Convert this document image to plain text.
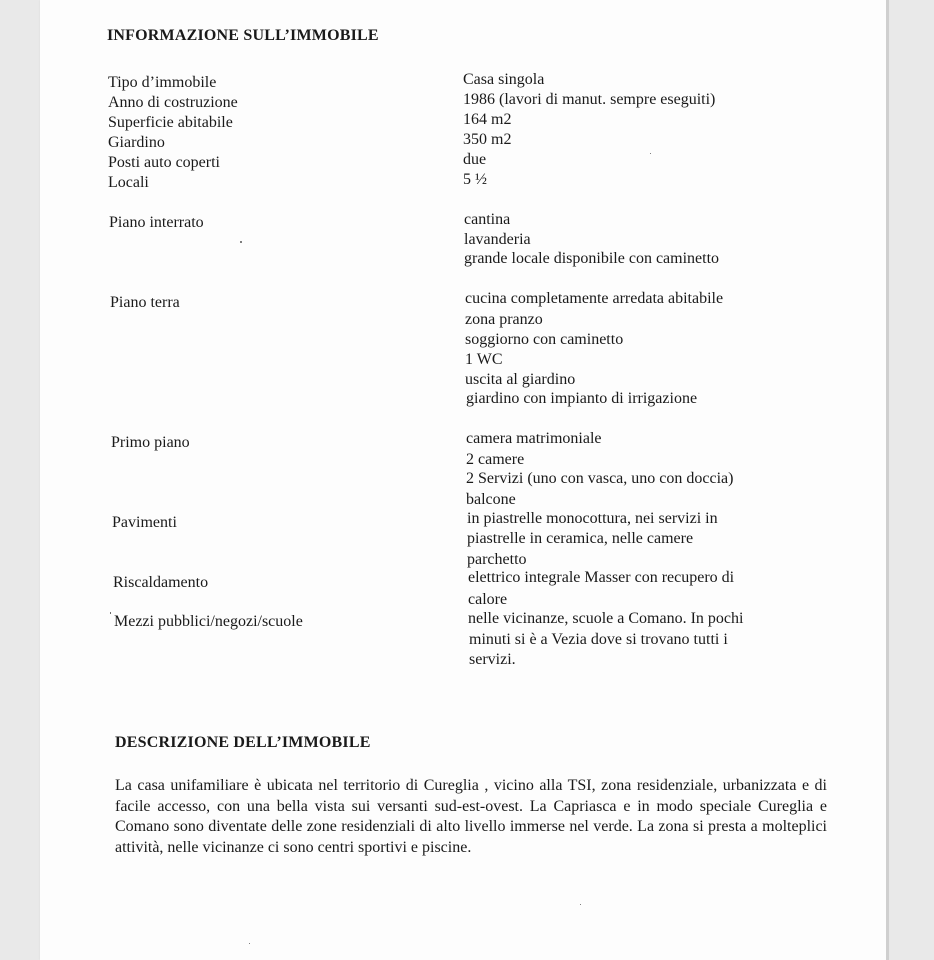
INFORMAZIONE SULL’IMMOBILE
Tipo d’immobile	Casa singola
Anno di costruzione	1986 (lavori di manut. sempre eseguiti)
Superficie abitabile	164 m2
Giardino	350 m2
Posti auto coperti	due
Locali	5 ½
Piano interrato	cantina
lavanderia
grande locale disponibile con caminetto
Piano terra	cucina completamente arredata abitabile
zona pranzo
soggiorno con caminetto
1 WC
uscita al giardino
giardino con impianto di irrigazione
Primo piano	camera matrimoniale
2 camere
2 Servizi (uno con vasca, uno con doccia)
balcone
Pavimenti	in piastrelle monocottura, nei servizi in
piastrelle in ceramica, nelle camere
parchetto
Riscaldamento	elettrico integrale Masser con recupero di
calore
Mezzi pubblici/negozi/scuole	nelle vicinanze, scuole a Comano. In pochi
minuti si è a Vezia dove si trovano tutti i
servizi.
DESCRIZIONE DELL’IMMOBILE
La casa unifamiliare è ubicata nel territorio di Cureglia , vicino alla TSI, zona residenziale, urbanizzata e di facile accesso, con una bella vista sui versanti sud-est-ovest. La Capriasca e in modo speciale Cureglia e Comano sono diventate delle zone residenziali di alto livello immerse nel verde. La zona si presta a molteplici attività, nelle vicinanze ci sono centri sportivi e piscine.
